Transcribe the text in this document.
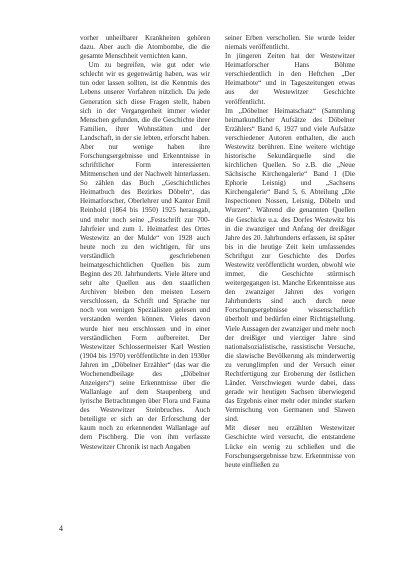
vorher unheilbarer Krankheiten gehören dazu. Aber auch die Atombombe, die die gesamte Menschheit vernichten kann.

Um zu begreifen, wie gut oder wie schlecht wir es gegenwärtig haben, was wir tun oder lassen sollten, ist die Kenntnis des Lebens unserer Vorfahren nützlich. Da jede Generation sich diese Fragen stellt, haben sich in der Vergangenheit immer wieder Menschen gefunden, die die Geschichte ihrer Familien, ihrer Wohnstätten und der Landschaft, in der sie lebten, erforscht haben. Aber nur wenige haben ihre Forschungsergebnisse und Erkenntnisse in schriftlicher Form interessierten Mitmenschen und der Nachwelt hinterlassen. So zählen das Buch „Geschichtliches Heimatbuch des Bezirkes Döbeln“, das Heimatforscher, Oberlehrer und Kantor Emil Reinhold (1864 bis 1950) 1925 herausgab, und mehr noch seine „Festschrift zur 700-Jahrfeier und zum 1. Heimatfest des Ortes Westewitz an der Mulde“ von 1928 auch heute noch zu den wichtigen, für uns verständlich geschriebenen heimatgeschichtlichen Quellen bis zum Beginn des 20. Jahrhunderts. Viele ältere und sehr alte Quellen aus den staatlichen Archiven bleiben den meisten Lesern verschlossen, da Schrift und Sprache nur noch von wenigen Spezialisten gelesen und verstanden werden können. Vieles davon wurde hier neu erschlossen und in einer verständlichen Form aufbereitet. Der Westewitzer Schlossermeister Karl Westien (1904 bis 1970) veröffentlichte in den 1930er Jahren im „Döbelner Erzähler“ (das war die Wochenendbeilage des „Döbelner Anzeigers“) seine Erkenntnisse über die Wallanlage auf dem Staupenberg und lyrische Betrachtungen über Flora und Fauna des Westewitzer Steinbruches. Auch beteiligte er sich an der Erforschung der kaum noch zu erkennenden Wallanlage auf dem Pischberg. Die von ihm verfasste Westewitzer Chronik ist nach Angaben

seiner Erben verschollen. Sie wurde leider niemals veröffentlicht.

In jüngeren Zeiten hat der Westewitzer Heimatforscher Hans Böhme verschiedentlich in den Heftchen „Der Heimatbote“ und in Tageszeitungen etwas aus der Westewitzer Geschichte veröffentlicht.

Im „Döbelner Heimatschatz“ (Sammlung heimatkundlicher Aufsätze des Döbelner Erzählers“ Band 6, 1927 und viele Aufsätze verschiedener Autoren enthalten, die auch Westewitz berühren. Eine weitere wichtige historische Sekundärquelle sind die kirchlichen Quellen. So z.B. die „Neue Sächsische Kirchengalerie“ Band I (Die Ephorie Leisnig) und „Sachsens Kirchengalerie“ Band 5, 6. Abteilung „Die Inspectionen Nossen, Leisnig, Döbeln und Wurzen“. Während die genannten Quellen die Geschicke u.a. des Dorfes Westewitz bis in die zwanziger und Anfang der dreißiger Jahre des 20. Jahrhunderts erfassen, ist später bis in die heutige Zeit kein umfassendes Schriftgut zur Geschichte des Dorfes Westewitz veröffentlicht worden, obwohl wie immer, die Geschichte stürmisch weitergegangen ist. Manche Erkenntnisse aus den zwanziger Jahren des vorigen Jahrhunderts sind auch durch neue Forschungsergebnisse wissenschaftlich überholt und bedürfen einer Richtigstellung. Viele Aussagen der zwanziger und mehr noch der dreißiger und vierziger Jahre sind nationalsozialistische, rassistische Versuche, die slawische Bevölkerung als minderwertig zu verunglimpfen und der Versuch einer Rechtfertigung zur Eroberung der östlichen Länder. Verschwiegen wurde dabei, dass gerade wir heutigen Sachsen überwiegend das Ergebnis einer mehr oder minder starken Vermischung von Germanen und Slawen sind.

Mit dieser neu erzählten Westewitzer Geschichte wird versucht, die entstandene Lücke ein wenig zu schließen und die Forschungsergebnisse bzw. Erkenntnisse von heute einfließen zu

4
